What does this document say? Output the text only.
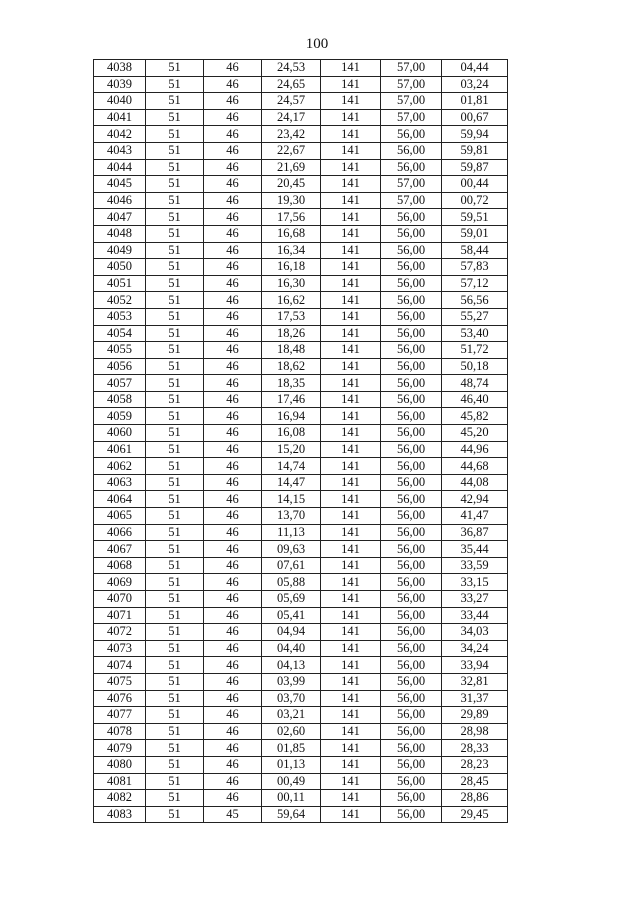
100
4038	51	46	24,53	141	57,00	04,44
4039	51	46	24,65	141	57,00	03,24
4040	51	46	24,57	141	57,00	01,81
4041	51	46	24,17	141	57,00	00,67
4042	51	46	23,42	141	56,00	59,94
4043	51	46	22,67	141	56,00	59,81
4044	51	46	21,69	141	56,00	59,87
4045	51	46	20,45	141	57,00	00,44
4046	51	46	19,30	141	57,00	00,72
4047	51	46	17,56	141	56,00	59,51
4048	51	46	16,68	141	56,00	59,01
4049	51	46	16,34	141	56,00	58,44
4050	51	46	16,18	141	56,00	57,83
4051	51	46	16,30	141	56,00	57,12
4052	51	46	16,62	141	56,00	56,56
4053	51	46	17,53	141	56,00	55,27
4054	51	46	18,26	141	56,00	53,40
4055	51	46	18,48	141	56,00	51,72
4056	51	46	18,62	141	56,00	50,18
4057	51	46	18,35	141	56,00	48,74
4058	51	46	17,46	141	56,00	46,40
4059	51	46	16,94	141	56,00	45,82
4060	51	46	16,08	141	56,00	45,20
4061	51	46	15,20	141	56,00	44,96
4062	51	46	14,74	141	56,00	44,68
4063	51	46	14,47	141	56,00	44,08
4064	51	46	14,15	141	56,00	42,94
4065	51	46	13,70	141	56,00	41,47
4066	51	46	11,13	141	56,00	36,87
4067	51	46	09,63	141	56,00	35,44
4068	51	46	07,61	141	56,00	33,59
4069	51	46	05,88	141	56,00	33,15
4070	51	46	05,69	141	56,00	33,27
4071	51	46	05,41	141	56,00	33,44
4072	51	46	04,94	141	56,00	34,03
4073	51	46	04,40	141	56,00	34,24
4074	51	46	04,13	141	56,00	33,94
4075	51	46	03,99	141	56,00	32,81
4076	51	46	03,70	141	56,00	31,37
4077	51	46	03,21	141	56,00	29,89
4078	51	46	02,60	141	56,00	28,98
4079	51	46	01,85	141	56,00	28,33
4080	51	46	01,13	141	56,00	28,23
4081	51	46	00,49	141	56,00	28,45
4082	51	46	00,11	141	56,00	28,86
4083	51	45	59,64	141	56,00	29,45
